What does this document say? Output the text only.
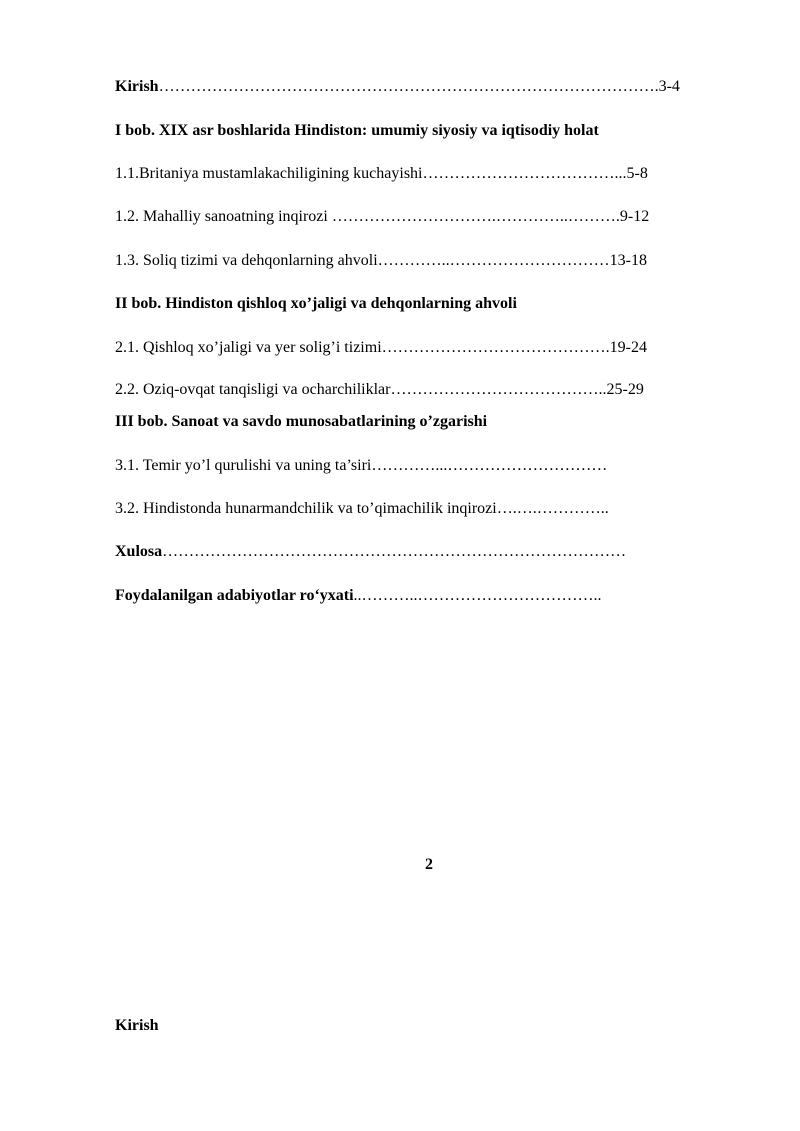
Kirish………………………………………………………………………………….3-4
I bob. XIX asr boshlarida Hindiston: umumiy siyosiy va iqtisodiy holat
1.1.Britaniya mustamlakachiligining kuchayishi………………………………...5-8
1.2. Mahalliy sanoatning inqirozi ………………………….…………..……….9-12
1.3. Soliq tizimi va dehqonlarning ahvoli…………..…………………………13-18
II bob. Hindiston qishloq xo’jaligi va dehqonlarning ahvoli
2.1. Qishloq xo’jaligi va yer solig’i tizimi…………………………………….19-24
2.2. Oziq-ovqat tanqisligi va ocharchiliklar…………………………………..25-29
III bob. Sanoat va savdo munosabatlarining o’zgarishi
3.1. Temir yo’l qurulishi va uning ta’siri…………...…………………………
3.2. Hindistonda hunarmandchilik va to’qimachilik inqirozi….….…………..
Xulosa……………………………………………………………………………
Foydalanilgan adabiyotlar ro‘yxati..………..……………………………..
2
Kirish
